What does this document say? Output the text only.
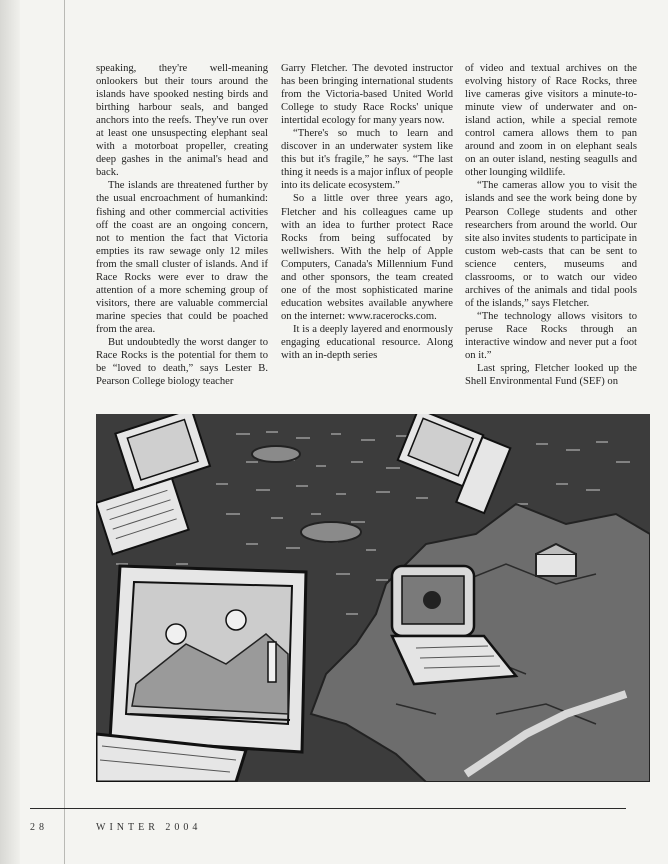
speaking, they're well-meaning onlookers but their tours around the islands have spooked nesting birds and birthing harbour seals, and banged anchors into the reefs. They've run over at least one unsuspecting elephant seal with a motorboat propeller, creating deep gashes in the animal's head and back.

The islands are threatened further by the usual encroachment of humankind: fishing and other commercial activities off the coast are an ongoing concern, not to mention the fact that Victoria empties its raw sewage only 12 miles from the small cluster of islands. And if Race Rocks were ever to draw the attention of a more scheming group of visitors, there are valuable commercial marine species that could be poached from the area.

But undoubtedly the worst danger to Race Rocks is the potential for them to be “loved to death,” says Lester B. Pearson College biology teacher

Garry Fletcher. The devoted instructor has been bringing international students from the Victoria-based United World College to study Race Rocks' unique intertidal ecology for many years now.

“There's so much to learn and discover in an underwater system like this but it's fragile,” he says. “The last thing it needs is a major influx of people into its delicate ecosystem.”

So a little over three years ago, Fletcher and his colleagues came up with an idea to further protect Race Rocks from being suffocated by wellwishers. With the help of Apple Computers, Canada's Millennium Fund and other sponsors, the team created one of the most sophisticated marine education websites available anywhere on the internet: www.racerocks.com.

It is a deeply layered and enormously engaging educational resource. Along with an in-depth series

of video and textual archives on the evolving history of Race Rocks, three live cameras give visitors a minute-to-minute view of underwater and on-island action, while a special remote control camera allows them to pan around and zoom in on elephant seals on an outer island, nesting seagulls and other lounging wildlife.

“The cameras allow you to visit the islands and see the work being done by Pearson College students and other researchers from around the world. Our site also invites students to participate in custom web-casts that can be sent to science centers, museums and classrooms, or to watch our video archives of the animals and tidal pools of the islands,” says Fletcher.

“The technology allows visitors to peruse Race Rocks through an interactive window and never put a foot on it.”

Last spring, Fletcher looked up the Shell Environmental Fund (SEF) on

28	WINTER 2004
